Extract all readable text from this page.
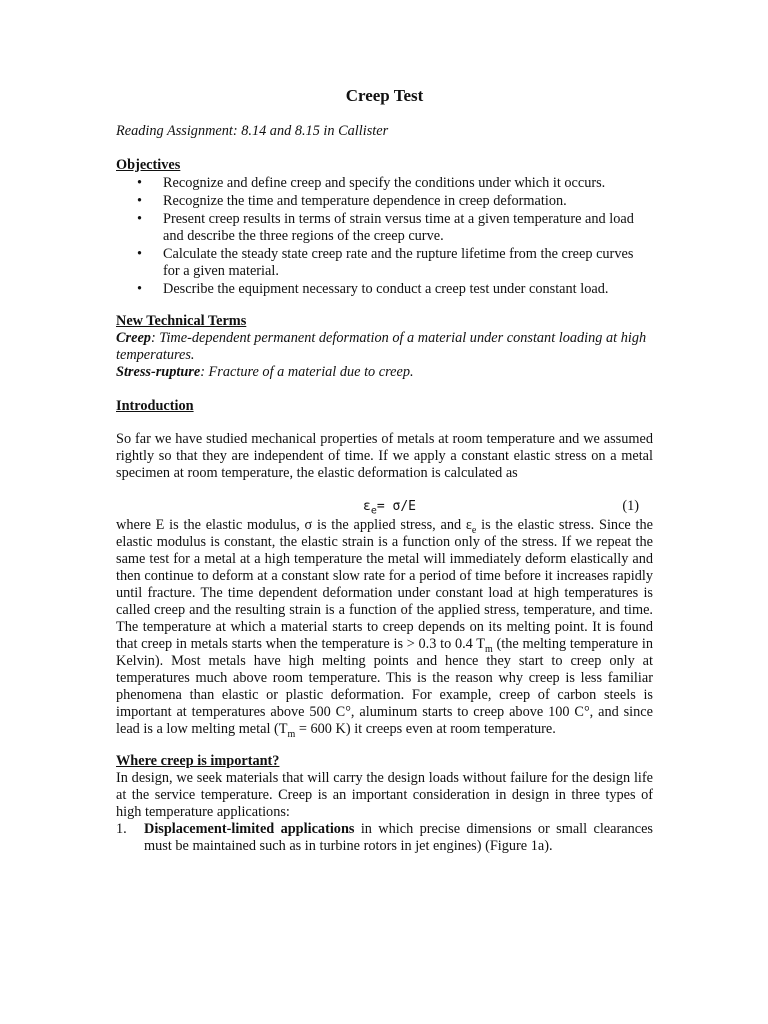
Creep Test
Reading Assignment: 8.14 and 8.15 in Callister
Objectives
• Recognize and define creep and specify the conditions under which it occurs.
• Recognize the time and temperature dependence in creep deformation.
• Present creep results in terms of strain versus time at a given temperature and load and describe the three regions of the creep curve.
• Calculate the steady state creep rate and the rupture lifetime from the creep curves for a given material.
• Describe the equipment necessary to conduct a creep test under constant load.
New Technical Terms
Creep: Time-dependent permanent deformation of a material under constant loading at high temperatures.
Stress-rupture: Fracture of a material due to creep.
Introduction
So far we have studied mechanical properties of metals at room temperature and we assumed rightly so that they are independent of time. If we apply a constant elastic stress on a metal specimen at room temperature, the elastic deformation is calculated as
$\varepsilon_e= \sigma/E$	(1)
where E is the elastic modulus, σ is the applied stress, and $\varepsilon_e$ is the elastic stress. Since the elastic modulus is constant, the elastic strain is a function only of the stress. If we repeat the same test for a metal at a high temperature the metal will immediately deform elastically and then continue to deform at a constant slow rate for a period of time before it increases rapidly until fracture. The time dependent deformation under constant load at high temperatures is called creep and the resulting strain is a function of the applied stress, temperature, and time. The temperature at which a material starts to creep depends on its melting point. It is found that creep in metals starts when the temperature is > 0.3 to 0.4 $T_m$ (the melting temperature in Kelvin). Most metals have high melting points and hence they start to creep only at temperatures much above room temperature. This is the reason why creep is less familiar phenomena than elastic or plastic deformation. For example, creep of carbon steels is important at temperatures above 500 C°, aluminum starts to creep above 100 C°, and since lead is a low melting metal ($T_m = 600$ K) it creeps even at room temperature.
Where creep is important?
In design, we seek materials that will carry the design loads without failure for the design life at the service temperature. Creep is an important consideration in design in three types of high temperature applications:
1.	Displacement-limited applications in which precise dimensions or small clearances must be maintained such as in turbine rotors in jet engines) (Figure 1a).
